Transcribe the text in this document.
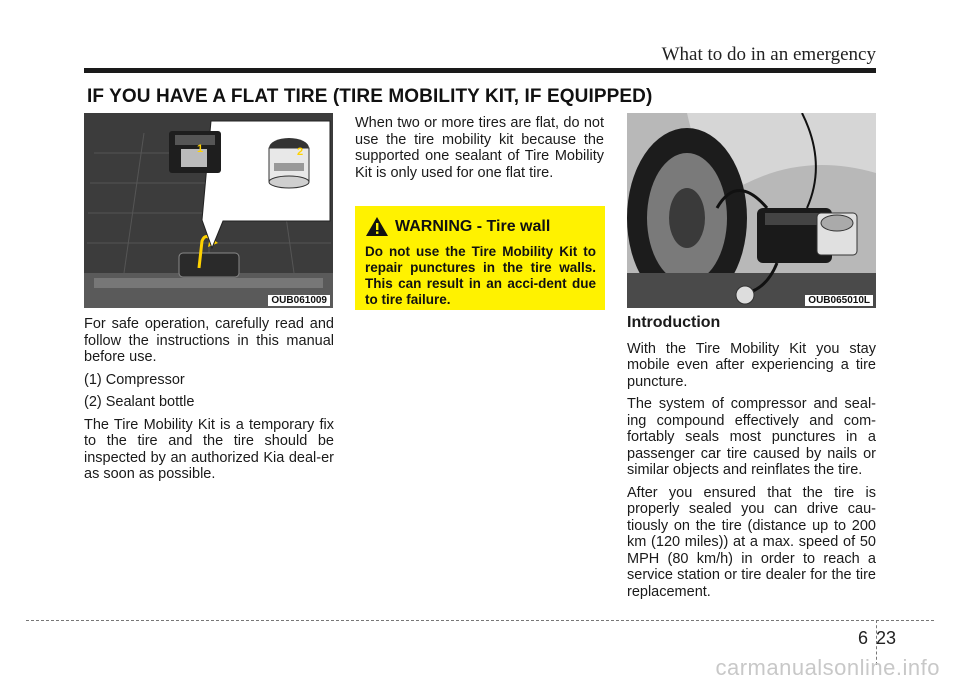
What to do in an emergency
IF YOU HAVE A FLAT TIRE (TIRE MOBILITY KIT, IF EQUIPPED)
1	2
OUB061009	OUB065010L

For safe operation, carefully read and follow the instructions in this manual before use.

(1) Compressor

(2) Sealant bottle

The Tire Mobility Kit is a temporary fix to the tire and the tire should be inspected by an authorized Kia deal-er as soon as possible.

When two or more tires are flat, do not use the tire mobility kit because the supported one sealant of Tire Mobility Kit is only used for one flat tire.

WARNING - Tire wall
Do not use the Tire Mobility Kit to repair punctures in the tire walls. This can result in an acci-dent due to tire failure.
Introduction

With the Tire Mobility Kit you stay mobile even after experiencing a tire puncture.

The system of compressor and seal-ing compound effectively and com-fortably seals most punctures in a passenger car tire caused by nails or similar objects and reinflates the tire.

After you ensured that the tire is properly sealed you can drive cau-tiously on the tire (distance up to 200 km (120 miles)) at a max. speed of 50 MPH (80 km/h) in order to reach a service station or tire dealer for the tire replacement.

6 23
carmanualsonline.info
